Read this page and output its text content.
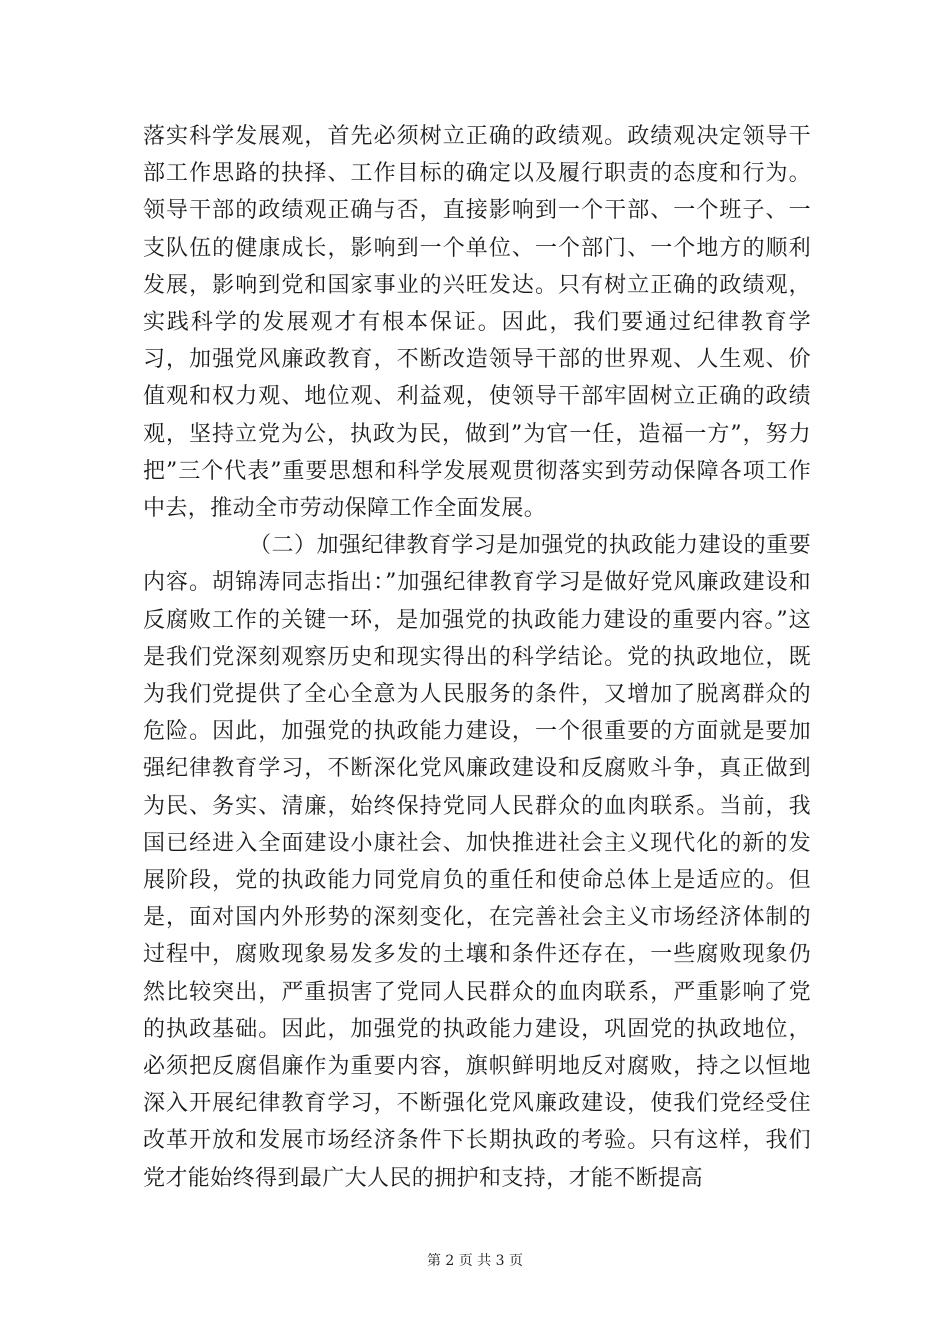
落实科学发展观，首先必须树立正确的政绩观。政绩观决定领导干部工作思路的抉择、工作目标的确定以及履行职责的态度和行为。领导干部的政绩观正确与否，直接影响到一个干部、一个班子、一支队伍的健康成长，影响到一个单位、一个部门、一个地方的顺利发展，影响到党和国家事业的兴旺发达。只有树立正确的政绩观，实践科学的发展观才有根本保证。因此，我们要通过纪律教育学习，加强党风廉政教育，不断改造领导干部的世界观、人生观、价值观和权力观、地位观、利益观，使领导干部牢固树立正确的政绩观，坚持立党为公，执政为民，做到”为官一任，造福一方”，努力把”三个代表”重要思想和科学发展观贯彻落实到劳动保障各项工作中去，推动全市劳动保障工作全面发展。

（二）加强纪律教育学习是加强党的执政能力建设的重要内容。胡锦涛同志指出：”加强纪律教育学习是做好党风廉政建设和反腐败工作的关键一环，是加强党的执政能力建设的重要内容。”这是我们党深刻观察历史和现实得出的科学结论。党的执政地位，既为我们党提供了全心全意为人民服务的条件，又增加了脱离群众的危险。因此，加强党的执政能力建设，一个很重要的方面就是要加强纪律教育学习，不断深化党风廉政建设和反腐败斗争，真正做到为民、务实、清廉，始终保持党同人民群众的血肉联系。当前，我国已经进入全面建设小康社会、加快推进社会主义现代化的新的发展阶段，党的执政能力同党肩负的重任和使命总体上是适应的。但是，面对国内外形势的深刻变化，在完善社会主义市场经济体制的过程中，腐败现象易发多发的土壤和条件还存在，一些腐败现象仍然比较突出，严重损害了党同人民群众的血肉联系，严重影响了党的执政基础。因此，加强党的执政能力建设，巩固党的执政地位，必须把反腐倡廉作为重要内容，旗帜鲜明地反对腐败，持之以恒地深入开展纪律教育学习，不断强化党风廉政建设，使我们党经受住改革开放和发展市场经济条件下长期执政的考验。只有这样，我们党才能始终得到最广大人民的拥护和支持，才能不断提高

第 2 页 共 3 页
